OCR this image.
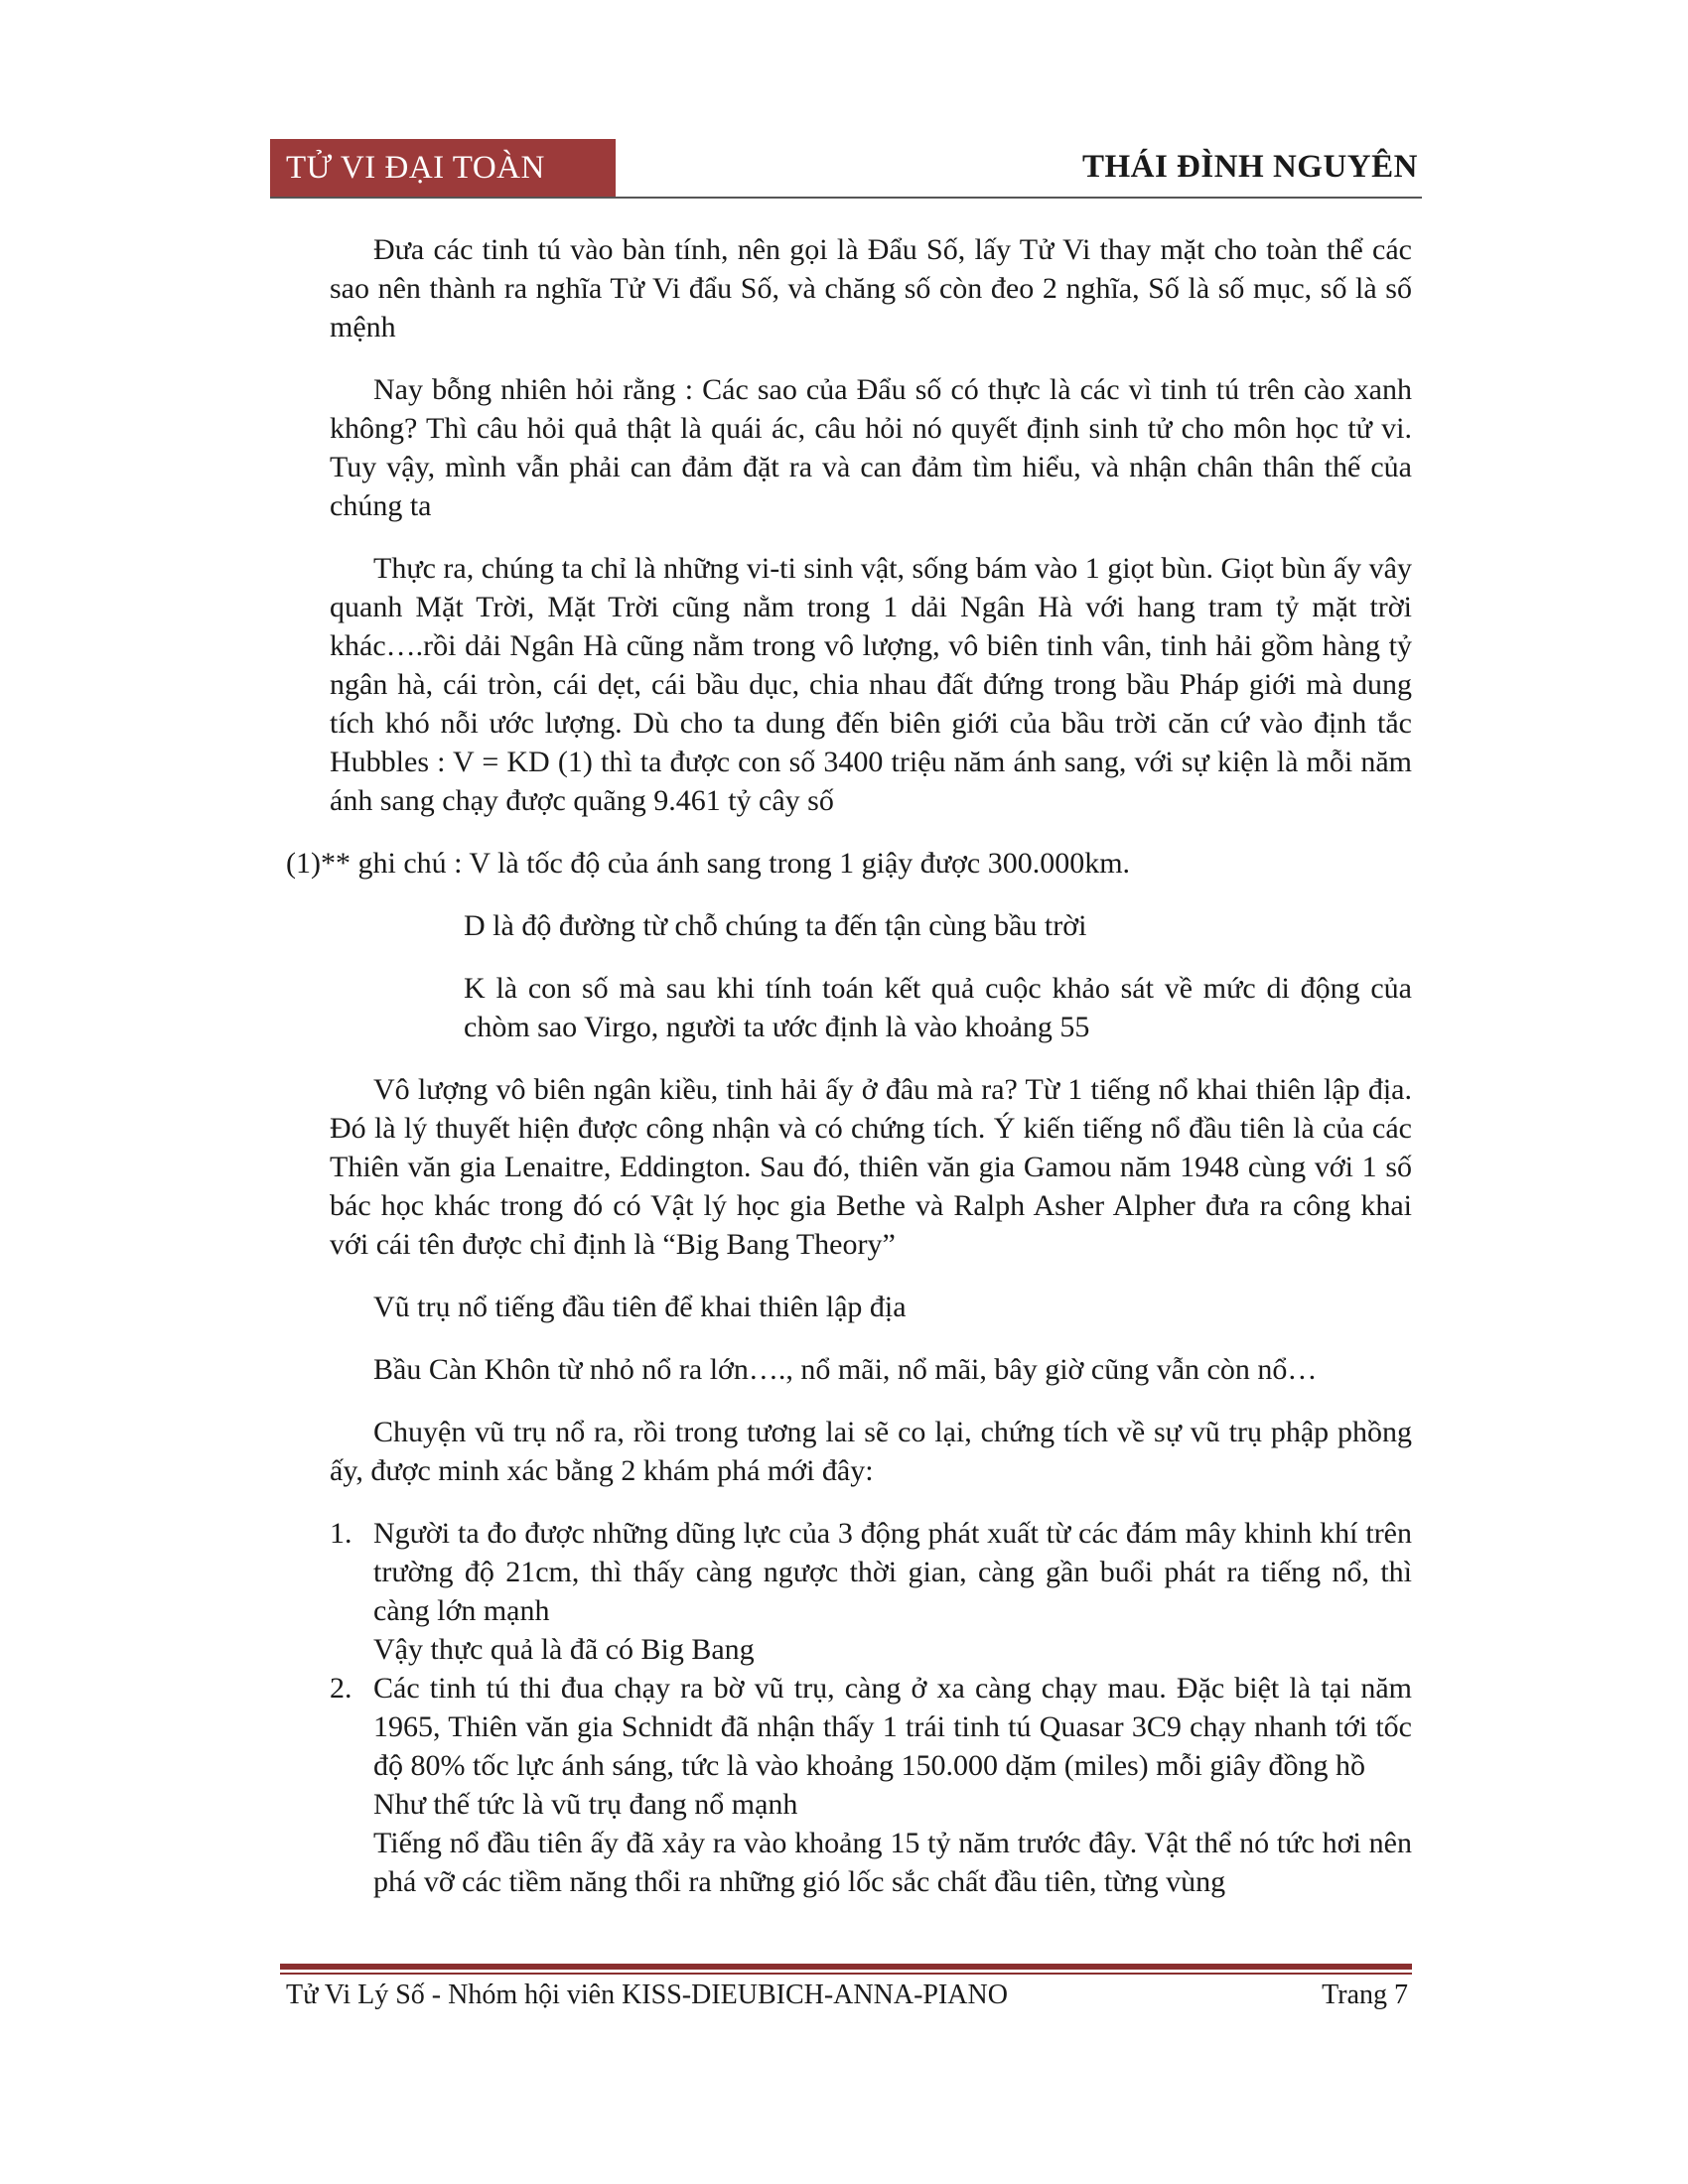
TỬ VI ĐẠI TOÀN	THÁI ĐÌNH NGUYÊN

Đưa các tinh tú vào bàn tính, nên gọi là Đẩu Số, lấy Tử Vi thay mặt cho toàn thể các sao nên thành ra nghĩa Tử Vi đẩu Số, và chăng số còn đeo 2 nghĩa, Số là số mục, số là số mệnh

Nay bỗng nhiên hỏi rằng : Các sao của Đẩu số có thực là các vì tinh tú trên cào xanh không? Thì câu hỏi quả thật là quái ác, câu hỏi nó quyết định sinh tử cho môn học tử vi. Tuy vậy, mình vẫn phải can đảm đặt ra và can đảm tìm hiểu, và nhận chân thân thế của chúng ta

Thực ra, chúng ta chỉ là những vi-ti sinh vật, sống bám vào 1 giọt bùn. Giọt bùn ấy vây quanh Mặt Trời, Mặt Trời cũng nằm trong 1 dải Ngân Hà với hang tram tỷ mặt trời khác….rồi dải Ngân Hà cũng nằm trong vô lượng, vô biên tinh vân, tinh hải gồm hàng tỷ ngân hà, cái tròn, cái dẹt, cái bầu dục, chia nhau đất đứng trong bầu Pháp giới mà dung tích khó nỗi ước lượng. Dù cho ta dung đến biên giới của bầu trời căn cứ vào định tắc Hubbles : V = KD (1) thì ta được con số 3400 triệu năm ánh sang, với sự kiện là mỗi năm ánh sang chạy được quãng 9.461 tỷ cây số

(1)** ghi chú : V là tốc độ của ánh sang trong 1 giậy được 300.000km.

D là độ đường từ chỗ chúng ta đến tận cùng bầu trời

K là con số mà sau khi tính toán kết quả cuộc khảo sát về mức di động của chòm sao Virgo, người ta ước định là vào khoảng 55

Vô lượng vô biên ngân kiều, tinh hải ấy ở đâu mà ra? Từ 1 tiếng nổ khai thiên lập địa. Đó là lý thuyết hiện được công nhận và có chứng tích. Ý kiến tiếng nổ đầu tiên là của các Thiên văn gia Lenaitre, Eddington. Sau đó, thiên văn gia Gamou năm 1948 cùng với 1 số bác học khác trong đó có Vật lý học gia Bethe và Ralph Asher Alpher đưa ra công khai với cái tên được chỉ định là “Big Bang Theory”

Vũ trụ nổ tiếng đầu tiên để khai thiên lập địa

Bầu Càn Khôn từ nhỏ nổ ra lớn…., nổ mãi, nổ mãi, bây giờ cũng vẫn còn nổ…

Chuyện vũ trụ nổ ra, rồi trong tương lai sẽ co lại, chứng tích về sự vũ trụ phập phồng ấy, được minh xác bằng 2 khám phá mới đây:

1. Người ta đo được những dũng lực của 3 động phát xuất từ các đám mây khinh khí trên trường độ 21cm, thì thấy càng ngược thời gian, càng gần buổi phát ra tiếng nổ, thì càng lớn mạnh

Vậy thực quả là đã có Big Bang

2. Các tinh tú thi đua chạy ra bờ vũ trụ, càng ở xa càng chạy mau. Đặc biệt là tại năm 1965, Thiên văn gia Schnidt đã nhận thấy 1 trái tinh tú Quasar 3C9 chạy nhanh tới tốc độ 80% tốc lực ánh sáng, tức là vào khoảng 150.000 dặm (miles) mỗi giây đồng hồ

Như thế tức là vũ trụ đang nổ mạnh

Tiếng nổ đầu tiên ấy đã xảy ra vào khoảng 15 tỷ năm trước đây. Vật thể nó tức hơi nên phá vỡ các tiềm năng thổi ra những gió lốc sắc chất đầu tiên, từng vùng

Tử Vi Lý Số - Nhóm hội viên KISS-DIEUBICH-ANNA-PIANO	Trang 7
